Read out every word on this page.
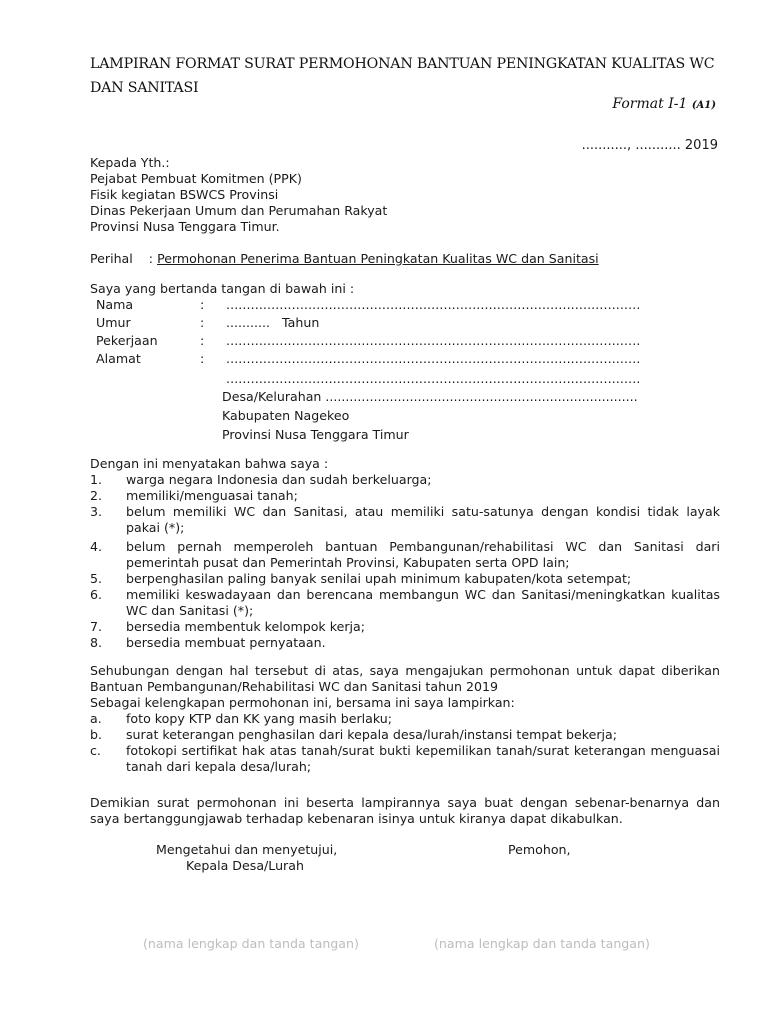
LAMPIRAN FORMAT SURAT PERMOHONAN BANTUAN PENINGKATAN KUALITAS WC DAN SANITASI
Format I-1 (A1)
..........., ........... 2019
Kepada Yth.:
Pejabat Pembuat Komitmen (PPK)
Fisik kegiatan BSWCS Provinsi
Dinas Pekerjaan Umum dan Perumahan Rakyat
Provinsi Nusa Tenggara Timur.
Perihal : Permohonan Penerima Bantuan Peningkatan Kualitas WC dan Sanitasi
Saya yang bertanda tangan di bawah ini :
Nama	: .....................................................................................................
Umur	: ...........   Tahun
Pekerjaan	: .....................................................................................................
Alamat	: .....................................................................................................
.....................................................................................................
Desa/Kelurahan ..............................................................................
Kabupaten Nagekeo
Provinsi Nusa Tenggara Timur
Dengan ini menyatakan bahwa saya :
1. warga negara Indonesia dan sudah berkeluarga;
2. memiliki/menguasai tanah;
3. belum memiliki WC dan Sanitasi, atau memiliki satu-satunya dengan kondisi tidak layak pakai (*);
4. belum pernah memperoleh bantuan Pembangunan/rehabilitasi WC dan Sanitasi dari pemerintah pusat dan Pemerintah Provinsi, Kabupaten serta OPD lain;
5. berpenghasilan paling banyak senilai upah minimum kabupaten/kota setempat;
6. memiliki keswadayaan dan berencana membangun WC dan Sanitasi/meningkatkan kualitas WC dan Sanitasi (*);
7. bersedia membentuk kelompok kerja;
8. bersedia membuat pernyataan.
Sehubungan dengan hal tersebut di atas, saya mengajukan permohonan untuk dapat diberikan Bantuan Pembangunan/Rehabilitasi WC dan Sanitasi tahun 2019
Sebagai kelengkapan permohonan ini, bersama ini saya lampirkan:
a. foto kopy KTP dan KK yang masih berlaku;
b. surat keterangan penghasilan dari kepala desa/lurah/instansi tempat bekerja;
c. fotokopi sertifikat hak atas tanah/surat bukti kepemilikan tanah/surat keterangan menguasai tanah dari kepala desa/lurah;
Demikian surat permohonan ini beserta lampirannya saya buat dengan sebenar-benarnya dan saya bertanggungjawab terhadap kebenaran isinya untuk kiranya dapat dikabulkan.
Mengetahui dan menyetujui,
Kepala Desa/Lurah
Pemohon,
(nama lengkap dan tanda tangan)	(nama lengkap dan tanda tangan)
